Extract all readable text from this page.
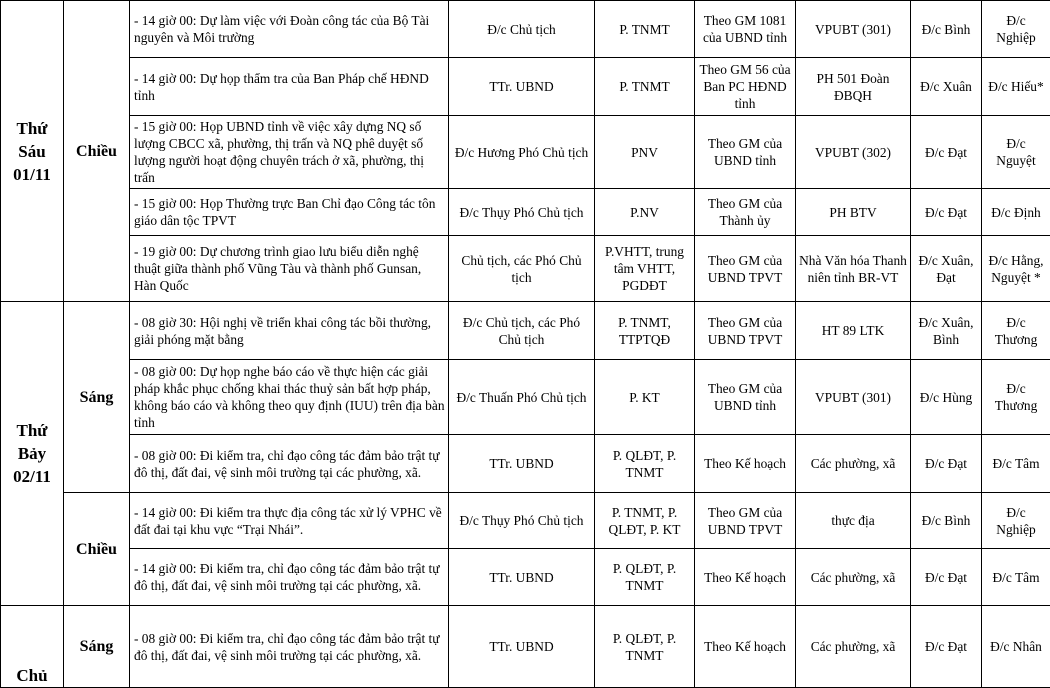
Thứ
Sáu
01/11	Chiều	- 14 giờ 00: Dự làm việc với Đoàn công tác của Bộ Tài nguyên và Môi trường	Đ/c Chủ tịch	P. TNMT	Theo GM 1081 của UBND tỉnh	VPUBT (301)	Đ/c Bình	Đ/c Nghiệp
		- 14 giờ 00: Dự họp thẩm tra của Ban Pháp chế HĐND tỉnh	TTr. UBND	P. TNMT	Theo GM 56 của Ban PC HĐND tỉnh	PH 501 Đoàn ĐBQH	Đ/c Xuân	Đ/c Hiếu*
		- 15 giờ 00: Họp UBND tỉnh về việc xây dựng NQ số lượng CBCC xã, phường, thị trấn và NQ phê duyệt số lượng người hoạt động chuyên trách ở xã, phường, thị trấn	Đ/c Hương Phó Chủ tịch	PNV	Theo GM của UBND tỉnh	VPUBT (302)	Đ/c Đạt	Đ/c Nguyệt
		- 15 giờ 00: Họp Thường trực Ban Chỉ đạo Công tác tôn giáo dân tộc TPVT	Đ/c Thụy Phó Chủ tịch	P.NV	Theo GM của Thành ủy	PH BTV	Đ/c Đạt	Đ/c Định
		- 19 giờ 00: Dự chương trình giao lưu biểu diễn nghệ thuật giữa thành phố Vũng Tàu và thành phố Gunsan, Hàn Quốc	Chủ tịch, các Phó Chủ tịch	P.VHTT, trung tâm VHTT, PGDĐT	Theo GM của UBND TPVT	Nhà Văn hóa Thanh niên tỉnh BR-VT	Đ/c Xuân, Đạt	Đ/c Hằng, Nguyệt *
Thứ
Bảy
02/11	Sáng	- 08 giờ 30: Hội nghị về triển khai công tác bồi thường, giải phóng mặt bằng	Đ/c Chủ tịch, các Phó Chủ tịch	P. TNMT, TTPTQĐ	Theo GM của UBND TPVT	HT 89 LTK	Đ/c Xuân, Bình	Đ/c Thương
		- 08 giờ 00: Dự họp nghe báo cáo về thực hiện các giải pháp khắc phục chống khai thác thuỷ sản bất hợp pháp, không báo cáo và không theo quy định (IUU) trên địa bàn tỉnh	Đ/c Thuấn Phó Chủ tịch	P. KT	Theo GM của UBND tỉnh	VPUBT (301)	Đ/c Hùng	Đ/c Thương
		- 08 giờ 00: Đi kiểm tra, chỉ đạo công tác đảm bảo trật tự đô thị, đất đai, vệ sinh môi trường tại các phường, xã.	TTr. UBND	P. QLĐT, P. TNMT	Theo Kế hoạch	Các phường, xã	Đ/c Đạt	Đ/c Tâm
	Chiều	- 14 giờ 00: Đi kiểm tra thực địa công tác xử lý VPHC về đất đai tại khu vực “Trại Nhái”.	Đ/c Thụy Phó Chủ tịch	P. TNMT, P. QLĐT, P. KT	Theo GM của UBND TPVT	thực địa	Đ/c Bình	Đ/c Nghiệp
		- 14 giờ 00: Đi kiểm tra, chỉ đạo công tác đảm bảo trật tự đô thị, đất đai, vệ sinh môi trường tại các phường, xã.	TTr. UBND	P. QLĐT, P. TNMT	Theo Kế hoạch	Các phường, xã	Đ/c Đạt	Đ/c Tâm
Chủ	Sáng	- 08 giờ 00: Đi kiểm tra, chỉ đạo công tác đảm bảo trật tự đô thị, đất đai, vệ sinh môi trường tại các phường, xã.	TTr. UBND	P. QLĐT, P. TNMT	Theo Kế hoạch	Các phường, xã	Đ/c Đạt	Đ/c Nhân
